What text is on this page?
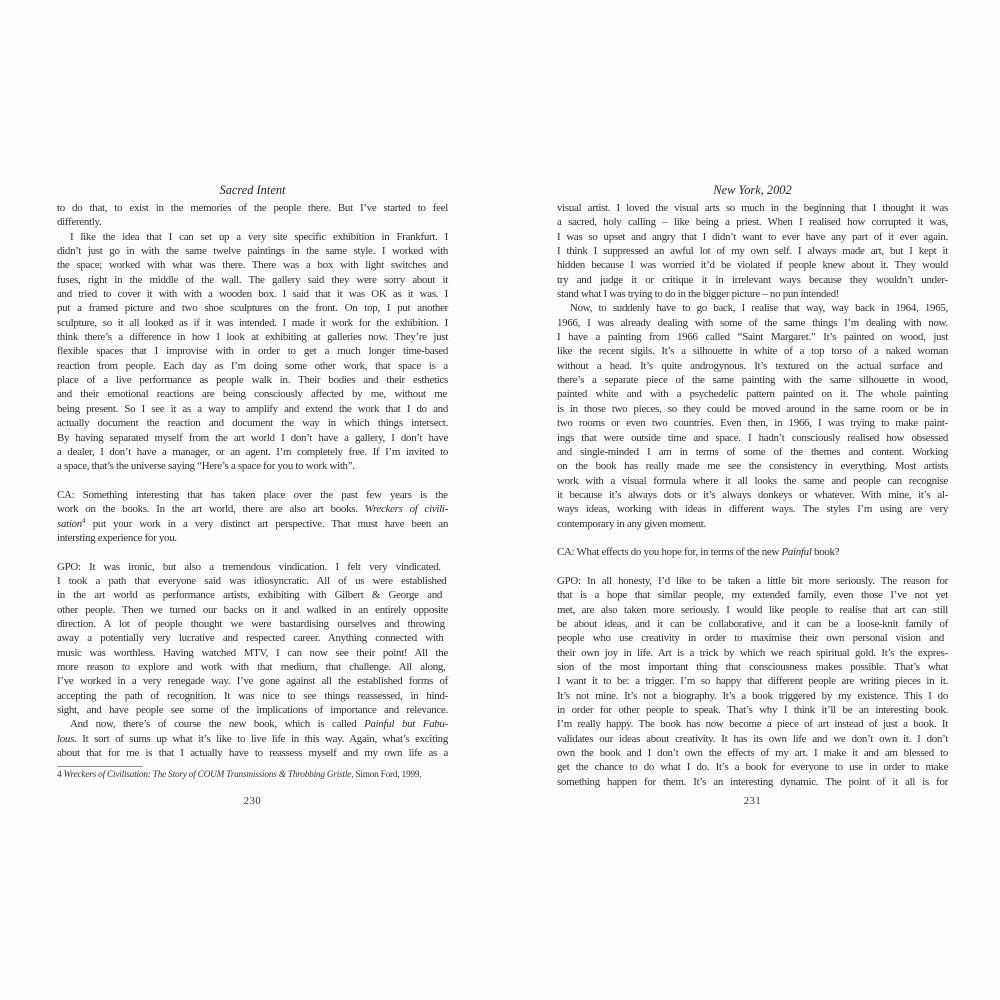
Sacred Intent
to do that, to exist in the memories of the people there. But I’ve started to feel
differently.
I like the idea that I can set up a very site specific exhibition in Frankfurt. I
didn’t just go in with the same twelve paintings in the same style. I worked with
the space; worked with what was there. There was a box with light switches and
fuses, right in the middle of the wall. The gallery said they were sorry about it
and tried to cover it with with a wooden box. I said that it was OK as it was. I
put a framed picture and two shoe sculptures on the front. On top, I put another
sculpture, so it all looked as if it was intended. I made it work for the exhibition. I
think there’s a difference in how I look at exhibiting at galleries now. They’re just
flexible spaces that I improvise with in order to get a much longer time-based
reaction from people. Each day as I’m doing some other work, that space is a
place of a live performance as people walk in. Their bodies and their esthetics
and their emotional reactions are being consciously affected by me, without me
being present. So I see it as a way to amplify and extend the work that I do and
actually document the reaction and document the way in which things intersect.
By having separated myself from the art world I don’t have a gallery, I don’t have
a dealer, I don’t have a manager, or an agent. I’m completely free. If I’m invited to
a space, that’s the universe saying “Here’s a space for you to work with”.
CA: Something interesting that has taken place over the past few years is the
work on the books. In the art world, there are also art books. Wreckers of civili-
sation$^4$ put your work in a very distinct art perspective. That must have been an
intersting experience for you.
GPO: It was ironic, but also a tremendous vindication. I felt very vindicated.
I took a path that everyone said was idiosyncratic. All of us were established
in the art world as performance artists, exhibiting with Gilbert & George and
other people. Then we turned our backs on it and walked in an entirely opposite
direction. A lot of people thought we were bastardising ourselves and throwing
away a potentially very lucrative and respected career. Anything connected with
music was worthless. Having watched MTV, I can now see their point! All the
more reason to explore and work with that medium, that challenge. All along,
I’ve worked in a very renegade way. I’ve gone against all the established forms of
accepting the path of recognition. It was nice to see things reassessed, in hind-
sight, and have people see some of the implications of importance and relevance.
And now, there’s of course the new book, which is called Painful but Fabu-
lous. It sort of sums up what it’s like to live life in this way. Again, what’s exciting
about that for me is that I actually have to reassess myself and my own life as a
4 Wreckers of Civilisation: The Story of COUM Transmissions & Throbbing Gristle, Simon Ford, 1999.
230
New York, 2002
visual artist. I loved the visual arts so much in the beginning that I thought it was
a sacred, holy calling – like being a priest. When I realised how corrupted it was,
I was so upset and angry that I didn’t want to ever have any part of it ever again.
I think I suppressed an awful lot of my own self. I always made art, but I kept it
hidden because I was worried it’d be violated if people knew about it. They would
try and judge it or critique it in irrelevant ways because they wouldn’t under-
stand what I was trying to do in the bigger picture – no pun intended!
Now, to suddenly have to go back, I realise that way, way back in 1964, 1965,
1966, I was already dealing with some of the same things I’m dealing with now.
I have a painting from 1966 called “Saint Margaret.” It’s painted on wood, just
like the recent sigils. It’s a silhouette in white of a top torso of a naked woman
without a head. It’s quite androgynous. It’s textured on the actual surface and
there’s a separate piece of the same painting with the same silhouette in wood,
painted white and with a psychedelic pattern painted on it. The whole painting
is in those two pieces, so they could be moved around in the same room or be in
two rooms or even two countries. Even then, in 1966, I was trying to make paint-
ings that were outside time and space. I hadn’t consciously realised how obsessed
and single-minded I am in terms of some of the themes and content. Working
on the book has really made me see the consistency in everything. Most artists
work with a visual formula where it all looks the same and people can recognise
it because it’s always dots or it’s always donkeys or whatever. With mine, it’s al-
ways ideas, working with ideas in different ways. The styles I’m using are very
contemporary in any given moment.
CA: What effects do you hope for, in terms of the new Painful book?
GPO: In all honesty, I’d like to be taken a little bit more seriously. The reason for
that is a hope that similar people, my extended family, even those I’ve not yet
met, are also taken more seriously. I would like people to realise that art can still
be about ideas, and it can be collaborative, and it can be a loose-knit family of
people who use creativity in order to maximise their own personal vision and
their own joy in life. Art is a trick by which we reach spiritual gold. It’s the expres-
sion of the most important thing that consciousness makes possible. That’s what
I want it to be: a trigger. I’m so happy that different people are writing pieces in it.
It’s not mine. It’s not a biography. It’s a book triggered by my existence. This I do
in order for other people to speak. That’s why I think it’ll be an interesting book.
I’m really happy. The book has now become a piece of art instead of just a book. It
validates our ideas about creativity. It has its own life and we don’t own it. I don’t
own the book and I don’t own the effects of my art. I make it and am blessed to
get the chance to do what I do. It’s a book for everyone to use in order to make
something happen for them. It’s an interesting dynamic. The point of it all is for
231
